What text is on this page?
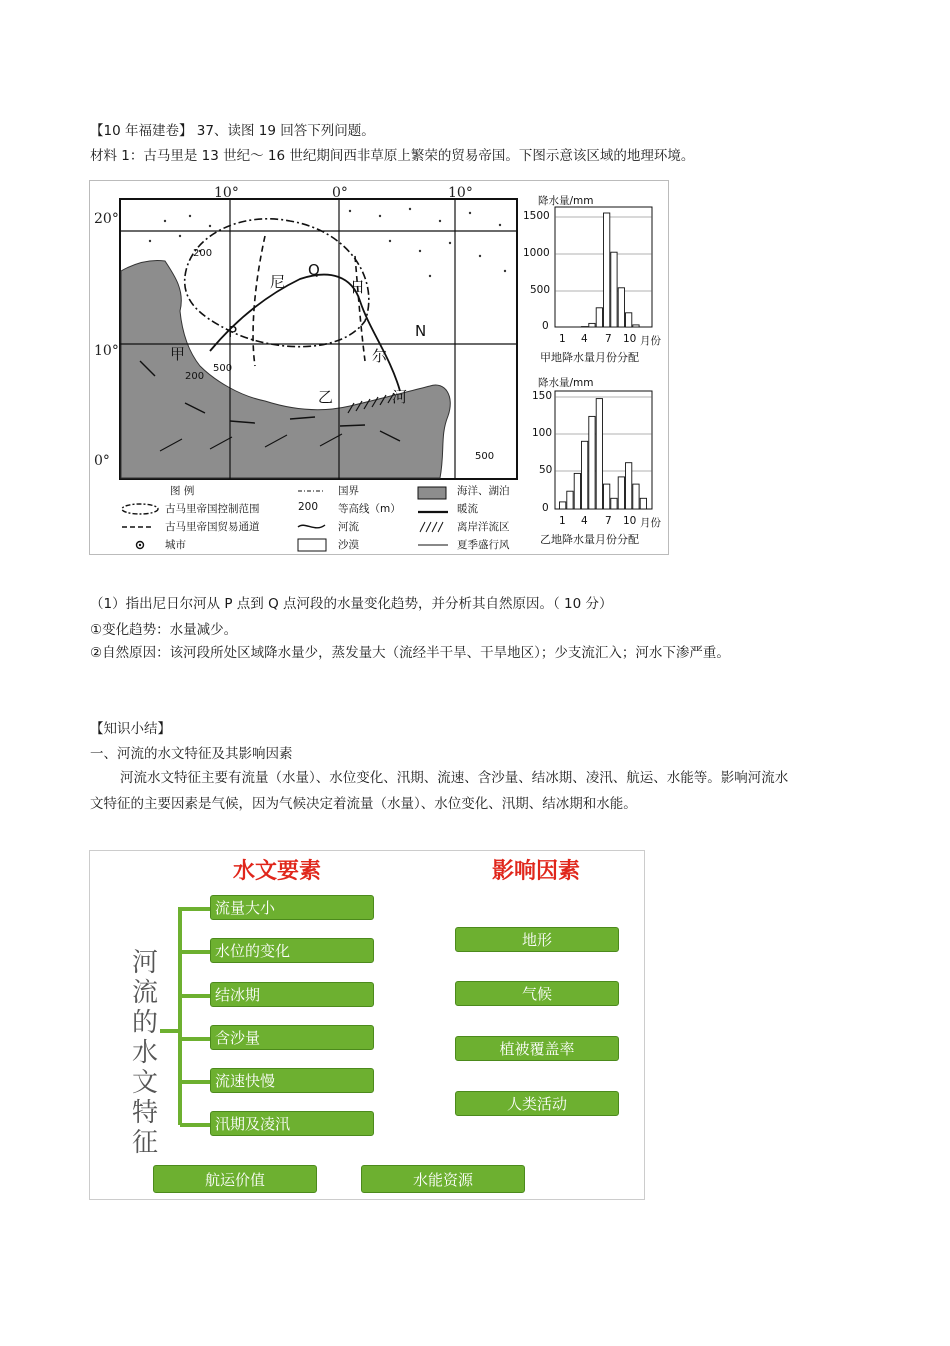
【10 年福建卷】 37、读图 19 回答下列问题。
材料 1：古马里是 13 世纪～ 16 世纪期间西非草原上繁荣的贸易帝国。下图示意该区域的地理环境。
10°	0°	10°
20°
10°
0°
200
200
500
500
尼	日
尔
河
甲
乙
P
Q
N
降水量/mm
1500
1000
500
0
1 4 7 10 月份
甲地降水量月份分配
降水量/mm
150
100
50
0
1 4 7 10 月份
乙地降水量月份分配
图 例
古马里帝国控制范围
古马里帝国贸易通道
城市
国界
200 等高线（m）
河流
沙漠
海洋、湖泊
暖流
离岸洋流区
夏季盛行风
（1）指出尼日尔河从 P 点到 Q 点河段的水量变化趋势，并分析其自然原因。（ 10 分）
①变化趋势：水量减少。
②自然原因：该河段所处区域降水量少，蒸发量大（流经半干旱、干旱地区）；少支流汇入；河水下渗严重。
【知识小结】
一、河流的水文特征及其影响因素
河流水文特征主要有流量（水量）、水位变化、汛期、流速、含沙量、结冰期、凌汛、航运、水能等。影响河流水文特征的主要因素是气候，因为气候决定着流量（水量）、水位变化、汛期、结冰期和水能。
水文要素	影响因素
河流的水文特征
流量大小
水位的变化
结冰期
含沙量
流速快慢
汛期及凌汛
地形
气候
植被覆盖率
人类活动
航运价值	水能资源
